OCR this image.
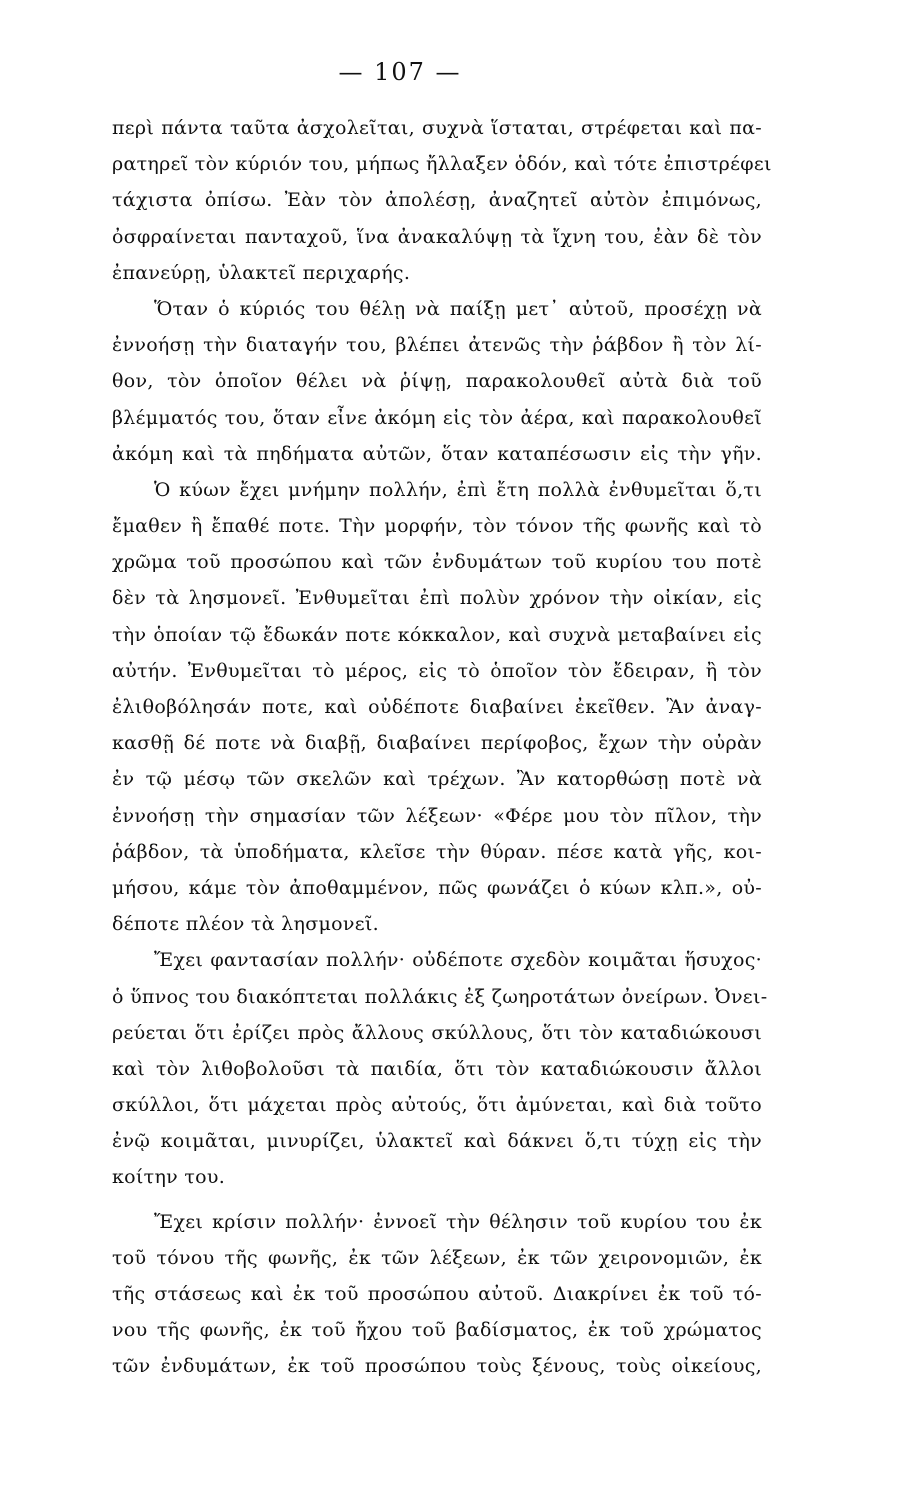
— 107 —
περὶ πάντα ταῦτα ἀσχολεῖται, συχνὰ ἵσταται, στρέφεται καὶ πα-
ρατηρεῖ τὸν κύριόν του, μήπως ἤλλαξεν ὁδόν, καὶ τότε ἐπιστρέφει
τάχιστα ὀπίσω. Ἐὰν τὸν ἀπολέσῃ, ἀναζητεῖ αὐτὸν ἐπιμόνως,
ὀσφραίνεται πανταχοῦ, ἵνα ἀνακαλύψῃ τὰ ἴχνη του, ἐὰν δὲ τὸν
ἐπανεύρῃ, ὑλακτεῖ περιχαρής.
Ὅταν ὁ κύριός του θέλῃ νὰ παίξῃ μετ᾿ αὐτοῦ, προσέχῃ νὰ
ἐννοήσῃ τὴν διαταγήν του, βλέπει ἀτενῶς τὴν ῥάβδον ἢ τὸν λί-
θον, τὸν ὁποῖον θέλει νὰ ῥίψῃ, παρακολουθεῖ αὐτὰ διὰ τοῦ
βλέμματός του, ὅταν εἶνε ἀκόμη εἰς τὸν ἀέρα, καὶ παρακολουθεῖ
ἀκόμη καὶ τὰ πηδήματα αὐτῶν, ὅταν καταπέσωσιν εἰς τὴν γῆν.
Ὁ κύων ἔχει μνήμην πολλήν, ἐπὶ ἔτη πολλὰ ἐνθυμεῖται ὅ,τι
ἔμαθεν ἢ ἔπαθέ ποτε. Τὴν μορφήν, τὸν τόνον τῆς φωνῆς καὶ τὸ
χρῶμα τοῦ προσώπου καὶ τῶν ἐνδυμάτων τοῦ κυρίου του ποτὲ
δὲν τὰ λησμονεῖ. Ἐνθυμεῖται ἐπὶ πολὺν χρόνον τὴν οἰκίαν, εἰς
τὴν ὁποίαν τῷ ἔδωκάν ποτε κόκκαλον, καὶ συχνὰ μεταβαίνει εἰς
αὐτήν. Ἐνθυμεῖται τὸ μέρος, εἰς τὸ ὁποῖον τὸν ἔδειραν, ἢ τὸν
ἐλιθοβόλησάν ποτε, καὶ οὐδέποτε διαβαίνει ἐκεῖθεν. Ἂν ἀναγ-
κασθῇ δέ ποτε νὰ διαβῇ, διαβαίνει περίφοβος, ἔχων τὴν οὐρὰν
ἐν τῷ μέσῳ τῶν σκελῶν καὶ τρέχων. Ἂν κατορθώσῃ ποτὲ νὰ
ἐννοήσῃ τὴν σημασίαν τῶν λέξεων· «Φέρε μου τὸν πῖλον, τὴν
ῥάβδον, τὰ ὑποδήματα, κλεῖσε τὴν θύραν. πέσε κατὰ γῆς, κοι-
μήσου, κάμε τὸν ἀποθαμμένον, πῶς φωνάζει ὁ κύων κλπ.», οὐ-
δέποτε πλέον τὰ λησμονεῖ.
Ἔχει φαντασίαν πολλήν· οὐδέποτε σχεδὸν κοιμᾶται ἥσυχος·
ὁ ὕπνος του διακόπτεται πολλάκις ἐξ ζωηροτάτων ὀνείρων. Ὀνει-
ρεύεται ὅτι ἐρίζει πρὸς ἄλλους σκύλλους, ὅτι τὸν καταδιώκουσι
καὶ τὸν λιθοβολοῦσι τὰ παιδία, ὅτι τὸν καταδιώκουσιν ἄλλοι
σκύλλοι, ὅτι μάχεται πρὸς αὐτούς, ὅτι ἀμύνεται, καὶ διὰ τοῦτο
ἐνῷ κοιμᾶται, μινυρίζει, ὑλακτεῖ καὶ δάκνει ὅ,τι τύχῃ εἰς τὴν
κοίτην του.
Ἔχει κρίσιν πολλήν· ἐννοεῖ τὴν θέλησιν τοῦ κυρίου του ἐκ
τοῦ τόνου τῆς φωνῆς, ἐκ τῶν λέξεων, ἐκ τῶν χειρονομιῶν, ἐκ
τῆς στάσεως καὶ ἐκ τοῦ προσώπου αὐτοῦ. Διακρίνει ἐκ τοῦ τό-
νου τῆς φωνῆς, ἐκ τοῦ ἤχου τοῦ βαδίσματος, ἐκ τοῦ χρώματος
τῶν ἐνδυμάτων, ἐκ τοῦ προσώπου τοὺς ξένους, τοὺς οἰκείους,
